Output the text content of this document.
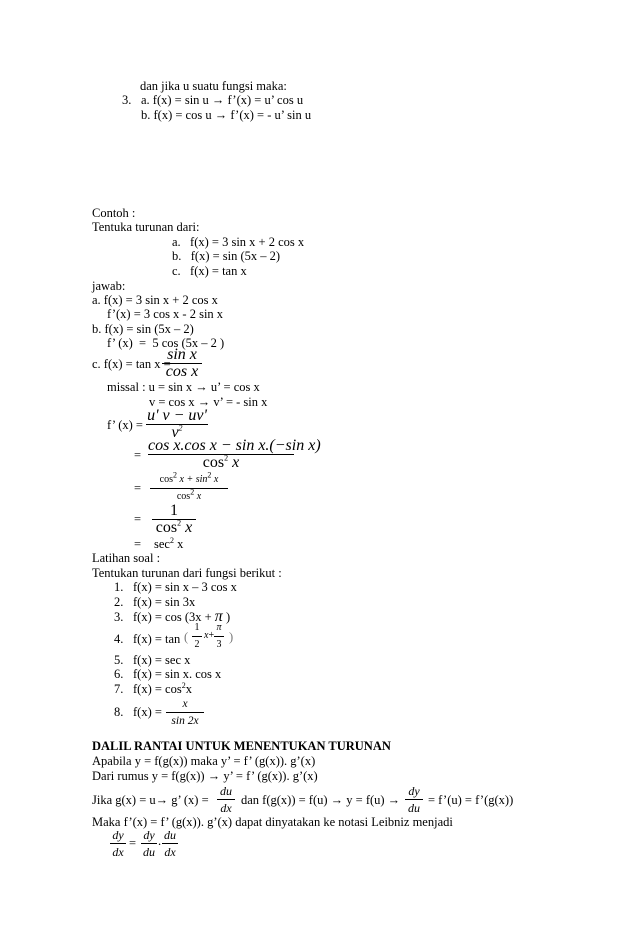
dan jika u suatu fungsi maka:
3. a. f(x) = sin u → f’(x) = u’ cos u
b. f(x) = cos u → f’(x) = - u’ sin u
Contoh :
Tentuka turunan dari:
a.   f(x) = 3 sin x + 2 cos x
b.   f(x) = sin (5x – 2)
c.   f(x) = tan x
jawab:
a. f(x) = 3 sin x + 2 cos x
f’(x) = 3 cos x - 2 sin x
b. f(x) = sin (5x – 2)
f’ (x)  =  5 cos (5x – 2 )
c. f(x) = tan x =
sin x
cos x
missal : u = sin x → u’ = cos x
v = cos x → v’ = - sin x
f’ (x) =
u' v − uv'
$v^2$
=
cos x.cos x − sin x.(−sin x)
$\cos^2 x$
=
$\cos^2 x + \sin^2 x$
$\cos^2 x$
=	1
$\cos^2 x$
= $\sec^2 x$
Latihan soal :
Tentukan turunan dari fungsi berikut :
1. f(x) = sin x – 3 cos x
2. f(x) = sin 3x
3. f(x) = cos (3x + π )
4. f(x) = tan (
1
2
x+
π
3
)
5. f(x) = sec x
6. f(x) = sin x. cos x
7. $f(x) = \cos^2x$
8. f(x) =
x
sin 2x
DALIL RANTAI UNTUK MENENTUKAN TURUNAN
Apabila y = f(g(x)) maka y’ = f’ (g(x)). g’(x)
Dari rumus y = f(g(x)) → y’ = f’ (g(x)). g’(x)
Jika g(x) = u→ g’ (x) =
du
dx
dan f(g(x)) = f(u) → y = f(u) →
dy
du
= f’(u) = f’(g(x))
Maka f’(x) = f’ (g(x)). g’(x) dapat dinyatakan ke notasi Leibniz menjadi
dy
dx
=
dy
du
. du
dx
